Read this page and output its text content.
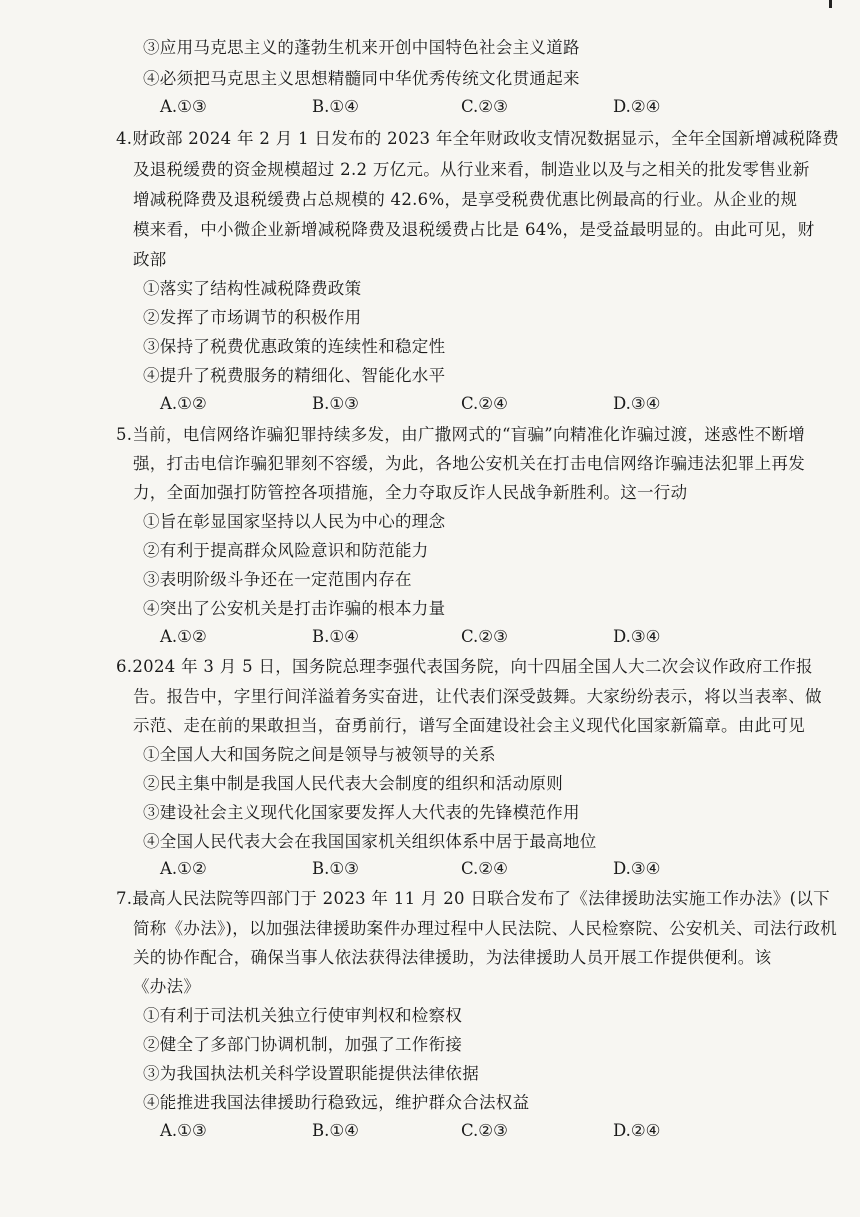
③应用马克思主义的蓬勃生机来开创中国特色社会主义道路
④必须把马克思主义思想精髓同中华优秀传统文化贯通起来
A.①③	B.①④	C.②③	D.②④
4.财政部 2024 年 2 月 1 日发布的 2023 年全年财政收支情况数据显示，全年全国新增减税降费
及退税缓费的资金规模超过 2.2 万亿元。从行业来看，制造业以及与之相关的批发零售业新
增减税降费及退税缓费占总规模的 42.6%，是享受税费优惠比例最高的行业。从企业的规
模来看，中小微企业新增减税降费及退税缓费占比是 64%，是受益最明显的。由此可见，财
政部
①落实了结构性减税降费政策
②发挥了市场调节的积极作用
③保持了税费优惠政策的连续性和稳定性
④提升了税费服务的精细化、智能化水平
A.①②	B.①③	C.②④	D.③④
5.当前，电信网络诈骗犯罪持续多发，由广撒网式的“盲骗”向精准化诈骗过渡，迷惑性不断增
强，打击电信诈骗犯罪刻不容缓，为此，各地公安机关在打击电信网络诈骗违法犯罪上再发
力，全面加强打防管控各项措施，全力夺取反诈人民战争新胜利。这一行动
①旨在彰显国家坚持以人民为中心的理念
②有利于提高群众风险意识和防范能力
③表明阶级斗争还在一定范围内存在
④突出了公安机关是打击诈骗的根本力量
A.①②	B.①④	C.②③	D.③④
6.2024 年 3 月 5 日，国务院总理李强代表国务院，向十四届全国人大二次会议作政府工作报
告。报告中，字里行间洋溢着务实奋进，让代表们深受鼓舞。大家纷纷表示，将以当表率、做
示范、走在前的果敢担当，奋勇前行，谱写全面建设社会主义现代化国家新篇章。由此可见
①全国人大和国务院之间是领导与被领导的关系
②民主集中制是我国人民代表大会制度的组织和活动原则
③建设社会主义现代化国家要发挥人大代表的先锋模范作用
④全国人民代表大会在我国国家机关组织体系中居于最高地位
A.①②	B.①③	C.②④	D.③④
7.最高人民法院等四部门于 2023 年 11 月 20 日联合发布了《法律援助法实施工作办法》(以下
简称《办法》)，以加强法律援助案件办理过程中人民法院、人民检察院、公安机关、司法行政机
关的协作配合，确保当事人依法获得法律援助，为法律援助人员开展工作提供便利。该
《办法》
①有利于司法机关独立行使审判权和检察权
②健全了多部门协调机制，加强了工作衔接
③为我国执法机关科学设置职能提供法律依据
④能推进我国法律援助行稳致远，维护群众合法权益
A.①③	B.①④	C.②③	D.②④
